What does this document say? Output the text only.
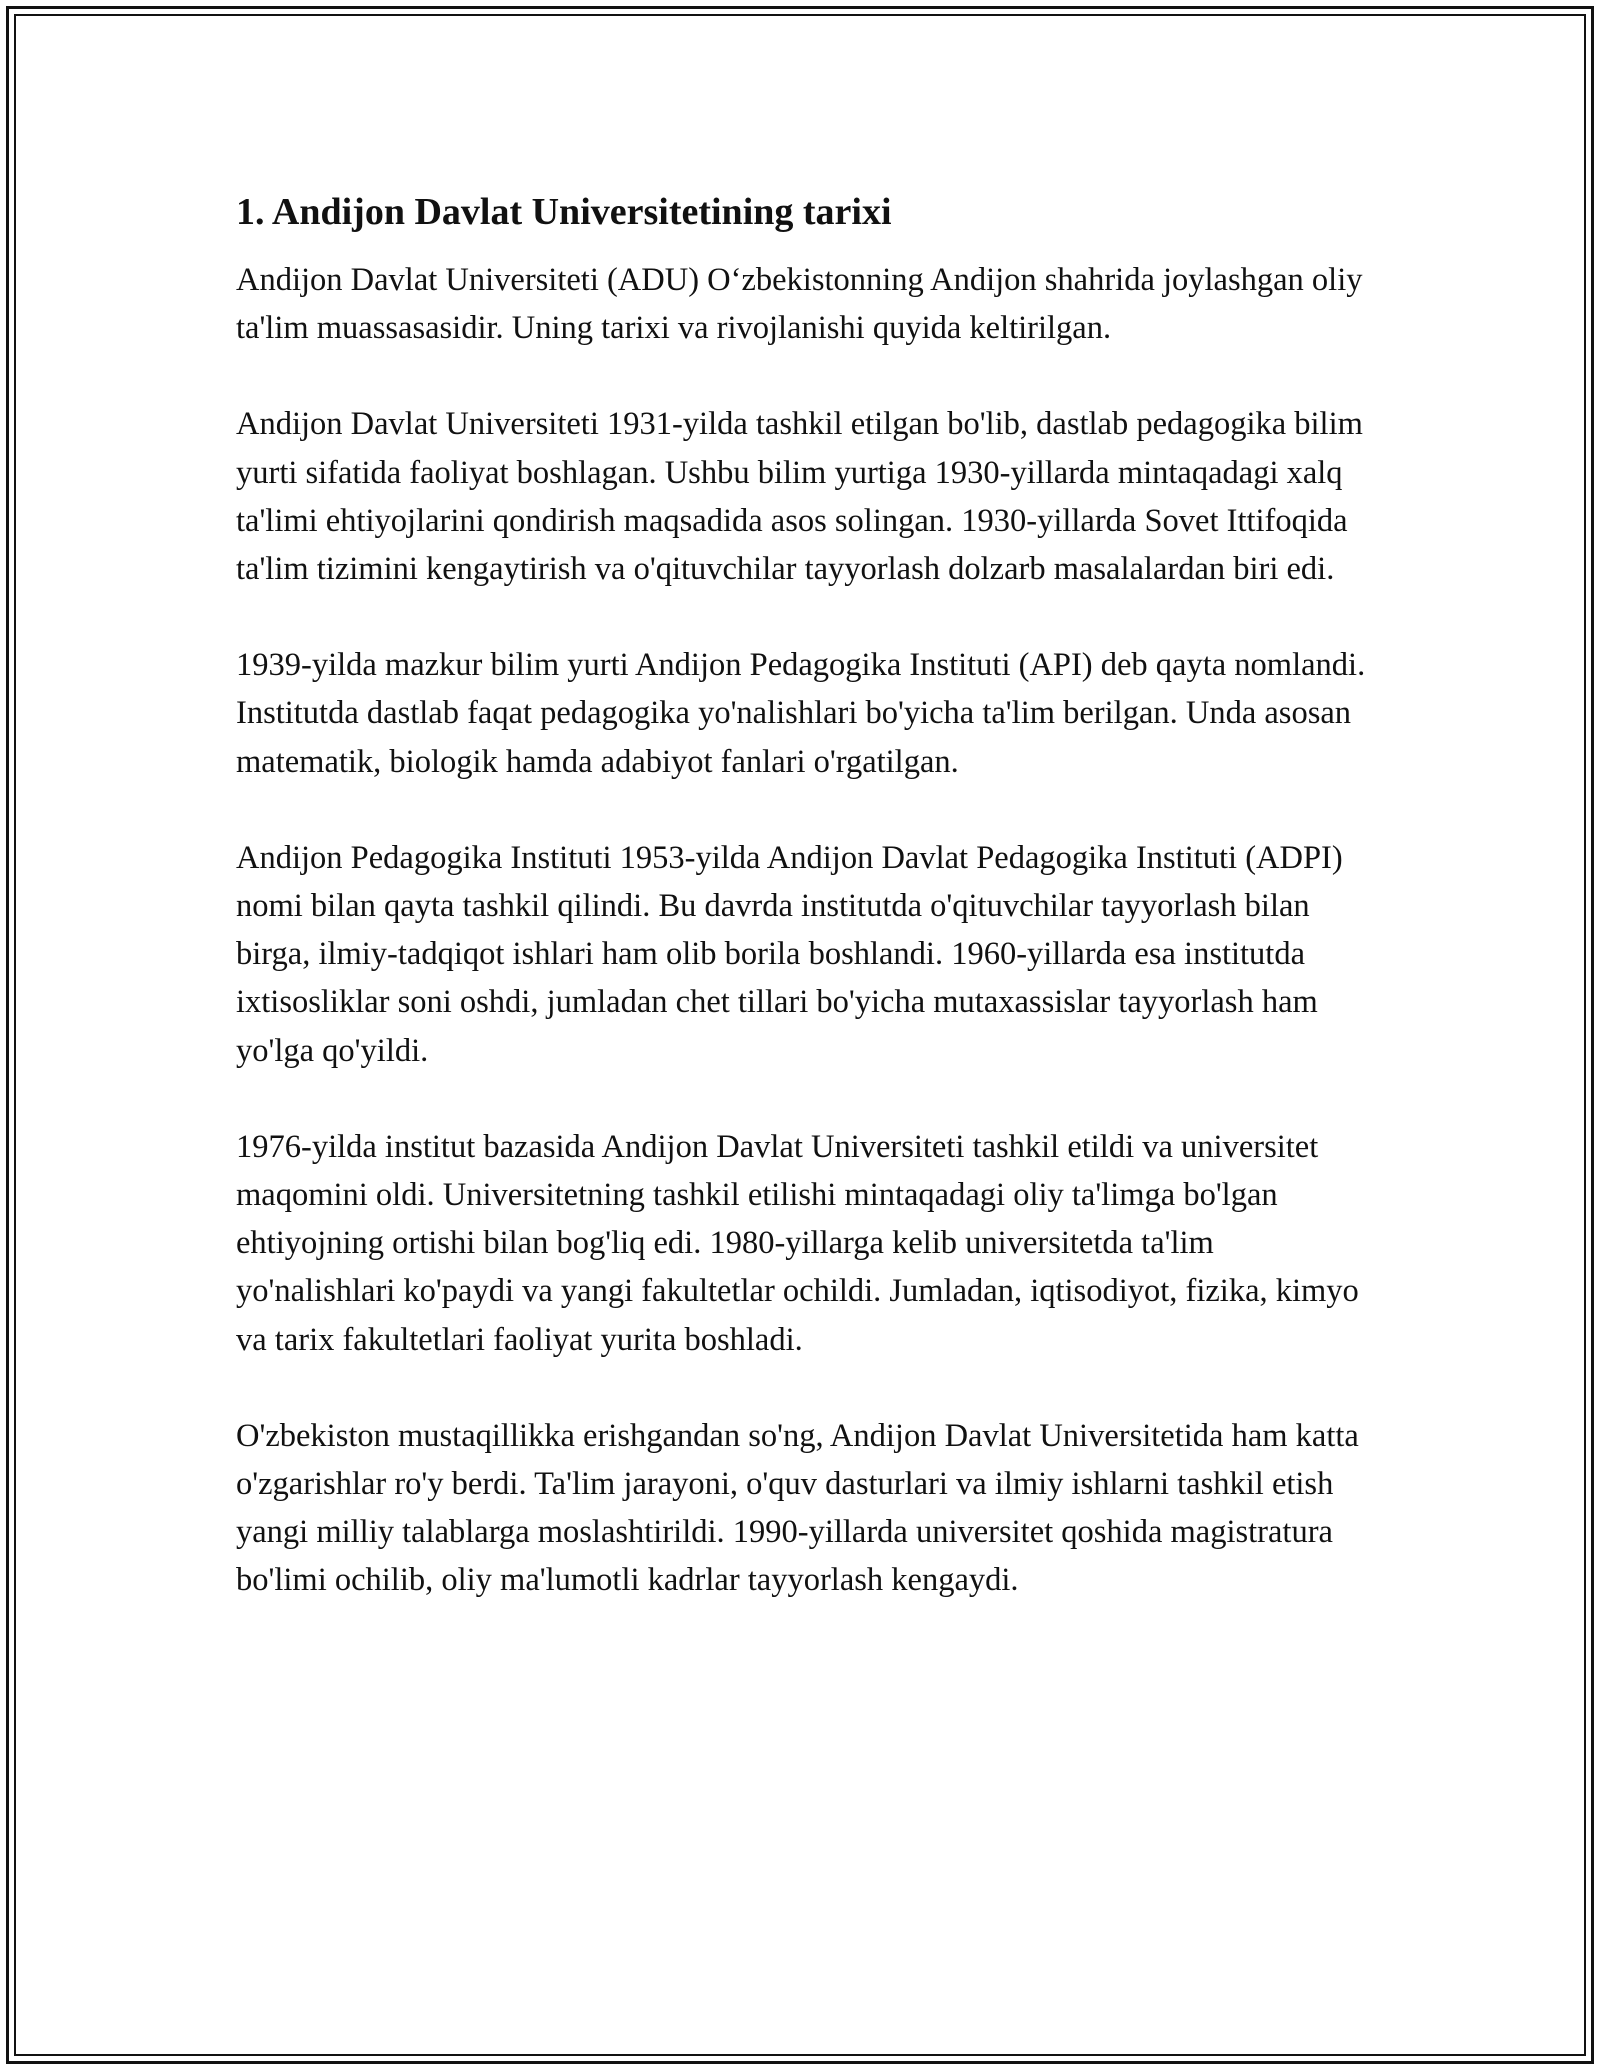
1. Andijon Davlat Universitetining tarixi

Andijon Davlat Universiteti (ADU) O‘zbekistonning Andijon shahrida joylashgan oliy ta'lim muassasasidir. Uning tarixi va rivojlanishi quyida keltirilgan.

Andijon Davlat Universiteti 1931-yilda tashkil etilgan bo'lib, dastlab pedagogika bilim yurti sifatida faoliyat boshlagan. Ushbu bilim yurtiga 1930-yillarda mintaqadagi xalq ta'limi ehtiyojlarini qondirish maqsadida asos solingan. 1930-yillarda Sovet Ittifoqida ta'lim tizimini kengaytirish va o'qituvchilar tayyorlash dolzarb masalalardan biri edi.

1939-yilda mazkur bilim yurti Andijon Pedagogika Instituti (API) deb qayta nomlandi. Institutda dastlab faqat pedagogika yo'nalishlari bo'yicha ta'lim berilgan. Unda asosan matematik, biologik hamda adabiyot fanlari o'rgatilgan.

Andijon Pedagogika Instituti 1953-yilda Andijon Davlat Pedagogika Instituti (ADPI) nomi bilan qayta tashkil qilindi. Bu davrda institutda o'qituvchilar tayyorlash bilan birga, ilmiy-tadqiqot ishlari ham olib borila boshlandi. 1960-yillarda esa institutda ixtisosliklar soni oshdi, jumladan chet tillari bo'yicha mutaxassislar tayyorlash ham yo'lga qo'yildi.

1976-yilda institut bazasida Andijon Davlat Universiteti tashkil etildi va universitet maqomini oldi. Universitetning tashkil etilishi mintaqadagi oliy ta'limga bo'lgan ehtiyojning ortishi bilan bog'liq edi. 1980-yillarga kelib universitetda ta'lim yo'nalishlari ko'paydi va yangi fakultetlar ochildi. Jumladan, iqtisodiyot, fizika, kimyo va tarix fakultetlari faoliyat yurita boshladi.

O'zbekiston mustaqillikka erishgandan so'ng, Andijon Davlat Universitetida ham katta o'zgarishlar ro'y berdi. Ta'lim jarayoni, o'quv dasturlari va ilmiy ishlarni tashkil etish yangi milliy talablarga moslashtirildi. 1990-yillarda universitet qoshida magistratura bo'limi ochilib, oliy ma'lumotli kadrlar tayyorlash kengaydi.
